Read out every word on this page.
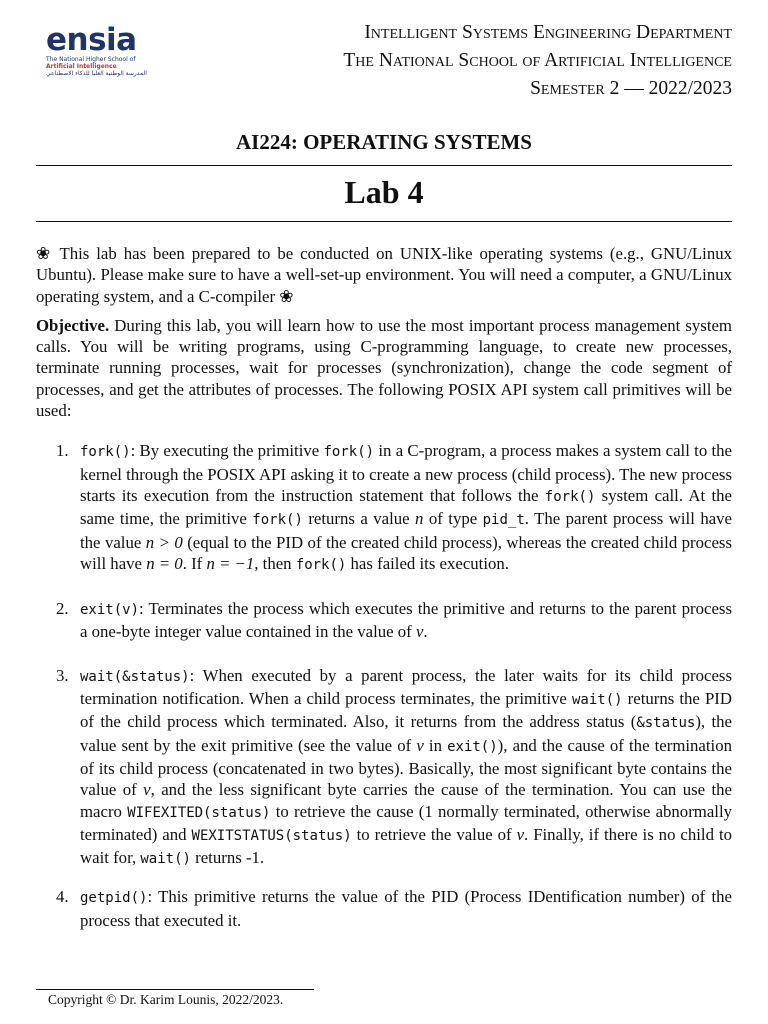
ensia
The National Higher School of
Artificial Intelligence
المدرسة الوطنية العليا للذكاء الاصطناعي
Intelligent Systems Engineering Department
The National School of Artificial Intelligence
Semester 2 — 2022/2023
AI224: OPERATING SYSTEMS
Lab 4

❀ This lab has been prepared to be conducted on UNIX-like operating systems (e.g., GNU/Linux Ubuntu). Please make sure to have a well-set-up environment. You will need a computer, a GNU/Linux operating system, and a C-compiler ❀

Objective. During this lab, you will learn how to use the most important process management system calls. You will be writing programs, using C-programming language, to create new processes, terminate running processes, wait for processes (synchronization), change the code segment of processes, and get the attributes of processes. The following POSIX API system call primitives will be used:

1. fork(): By executing the primitive fork() in a C-program, a process makes a system call to the kernel through the POSIX API asking it to create a new process (child process). The new process starts its execution from the instruction statement that follows the fork() system call. At the same time, the primitive fork() returns a value n of type pid_t. The parent process will have the value n > 0 (equal to the PID of the created child process), whereas the created child process will have n = 0. If n = −1, then fork() has failed its execution.
2. exit(v): Terminates the process which executes the primitive and returns to the parent process a one-byte integer value contained in the value of v.
3. wait(&status): When executed by a parent process, the later waits for its child process termination notification. When a child process terminates, the primitive wait() returns the PID of the child process which terminated. Also, it returns from the address status (&status), the value sent by the exit primitive (see the value of v in exit()), and the cause of the termination of its child process (concatenated in two bytes). Basically, the most significant byte contains the value of v, and the less significant byte carries the cause of the termination. You can use the macro WIFEXITED(status) to retrieve the cause (1 normally terminated, otherwise abnormally terminated) and WEXITSTATUS(status) to retrieve the value of v. Finally, if there is no child to wait for, wait() returns -1.
4. getpid(): This primitive returns the value of the PID (Process IDentification number) of the process that executed it.
Copyright © Dr. Karim Lounis, 2022/2023.
